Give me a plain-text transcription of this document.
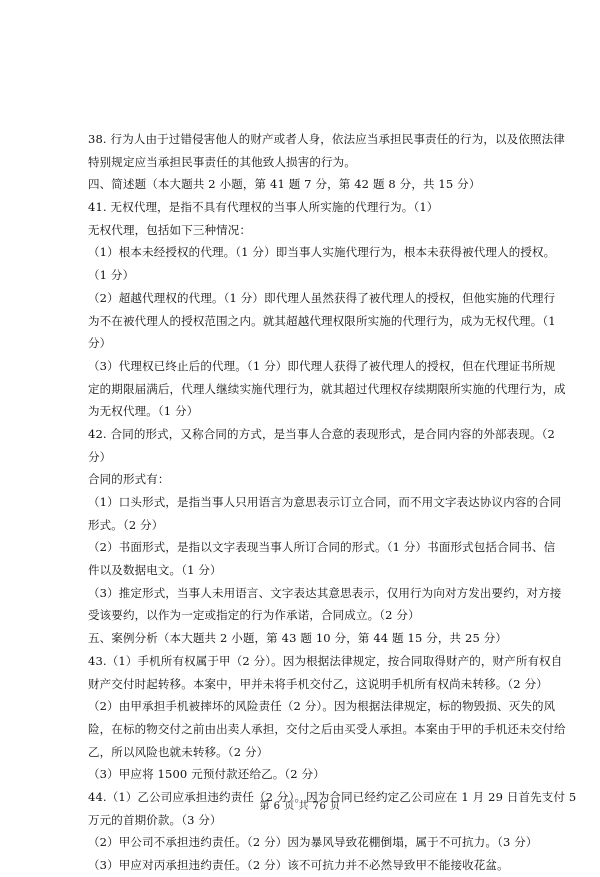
38. 行为人由于过错侵害他人的财产或者人身，依法应当承担民事责任的行为，以及依照法律
特别规定应当承担民事责任的其他致人损害的行为。
四、简述题（本大题共 2 小题，第 41 题 7 分，第 42 题 8 分，共 15 分）
41. 无权代理，是指不具有代理权的当事人所实施的代理行为。（1）
无权代理，包括如下三种情况：
（1）根本未经授权的代理。（1 分）即当事人实施代理行为，根本未获得被代理人的授权。
（1 分）
（2）超越代理权的代理。（1 分）即代理人虽然获得了被代理人的授权，但他实施的代理行
为不在被代理人的授权范围之内。就其超越代理权限所实施的代理行为，成为无权代理。（1
分）
（3）代理权已终止后的代理。（1 分）即代理人获得了被代理人的授权，但在代理证书所规
定的期限届满后，代理人继续实施代理行为，就其超过代理权存续期限所实施的代理行为，成
为无权代理。（1 分）
42. 合同的形式，又称合同的方式，是当事人合意的表现形式，是合同内容的外部表现。（2
分）
合同的形式有：
（1）口头形式，是指当事人只用语言为意思表示订立合同，而不用文字表达协议内容的合同
形式。（2 分）
（2）书面形式，是指以文字表现当事人所订合同的形式。（1 分）书面形式包括合同书、信
件以及数据电文。（1 分）
（3）推定形式，当事人未用语言、文字表达其意思表示，仅用行为向对方发出要约，对方接
受该要约，以作为一定或指定的行为作承诺，合同成立。（2 分）
五、案例分析（本大题共 2 小题，第 43 题 10 分，第 44 题 15 分，共 25 分）
43.（1）手机所有权属于甲（2 分）。因为根据法律规定，按合同取得财产的，财产所有权自
财产交付时起转移。本案中，甲并未将手机交付乙，这说明手机所有权尚未转移。（2 分）
（2）由甲承担手机被摔坏的风险责任（2 分）。因为根据法律规定，标的物毁损、灭失的风
险，在标的物交付之前由出卖人承担，交付之后由买受人承担。本案由于甲的手机还未交付给
乙，所以风险也就未转移。（2 分）
（3）甲应将 1500 元预付款还给乙。（2 分）
44.（1）乙公司应承担违约责任（2 分）。因为合同已经约定乙公司应在 1 月 29 日首先支付 5
万元的首期价款。（3 分）
（2）甲公司不承担违约责任。（2 分）因为暴风导致花棚倒塌，属于不可抗力。（3 分）
（3）甲应对丙承担违约责任。（2 分）该不可抗力并不必然导致甲不能接收花盆。
第 6 页 共 76 页
